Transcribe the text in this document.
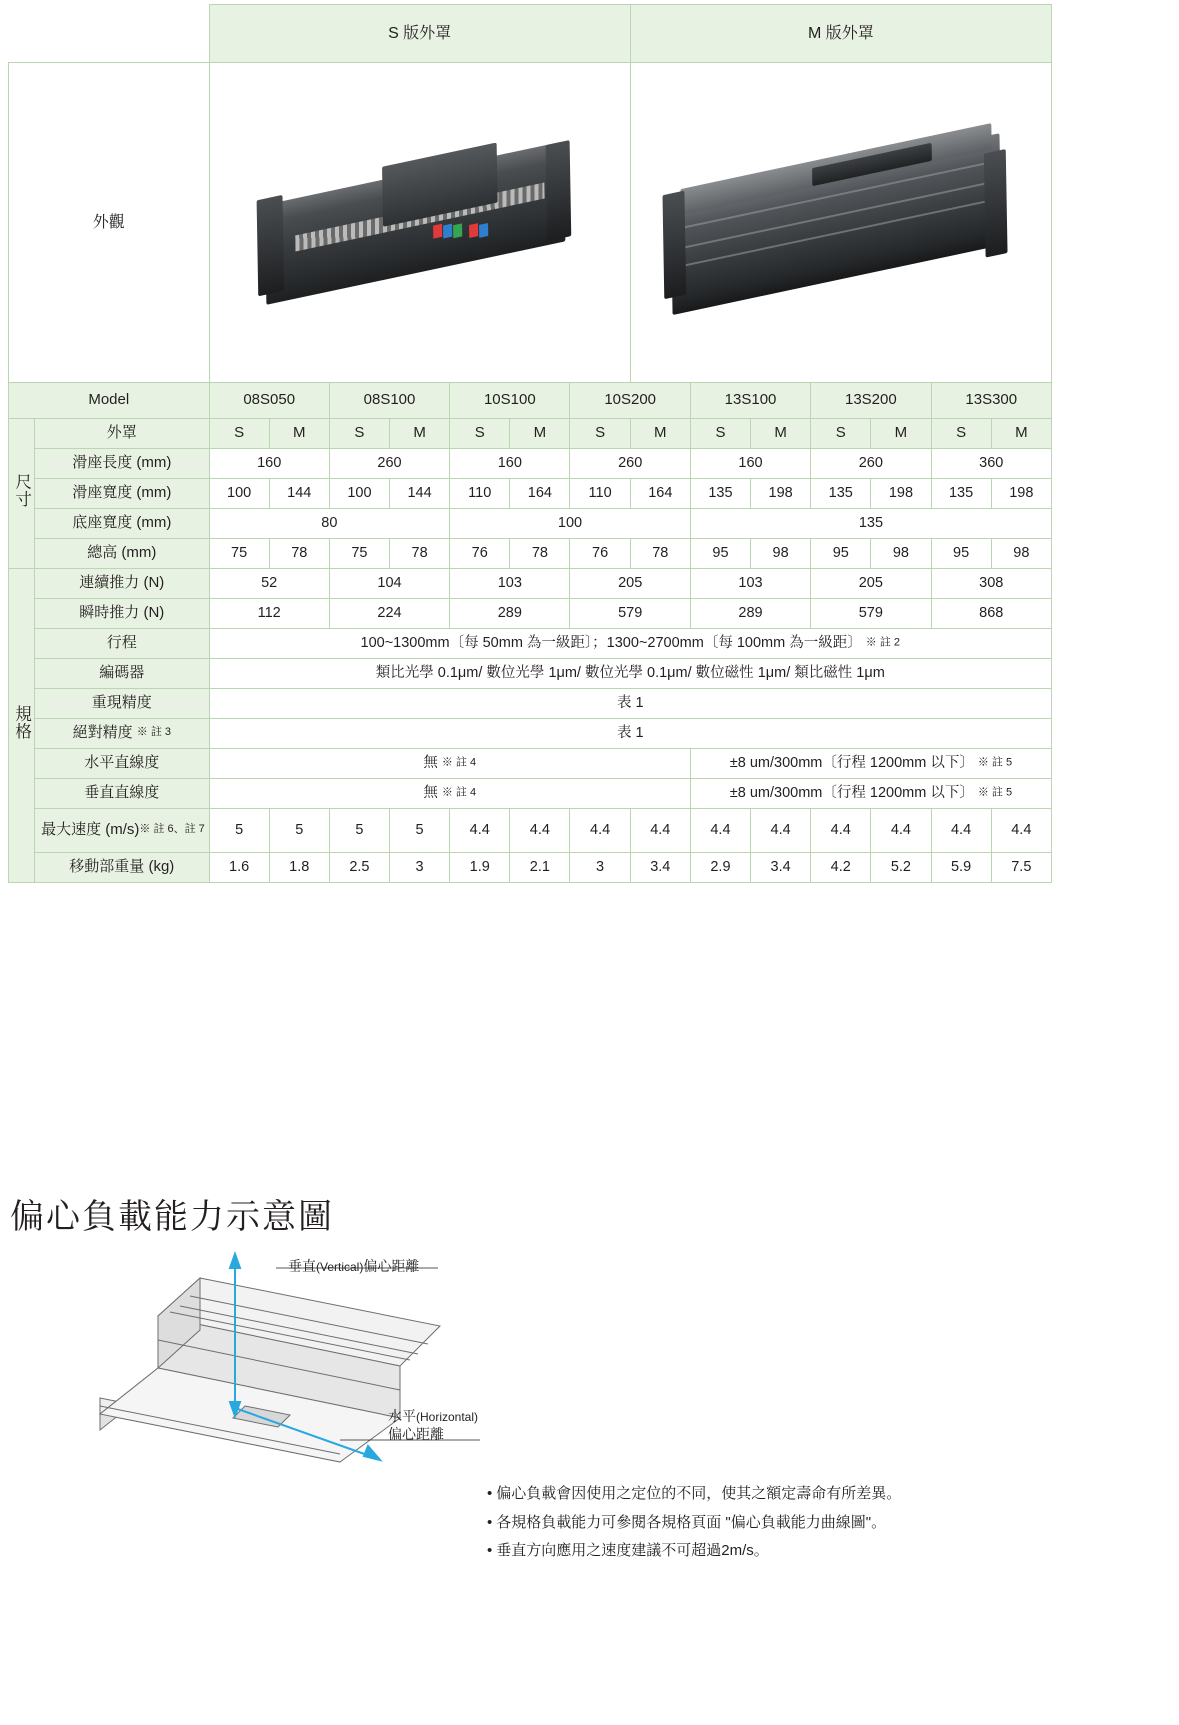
		S 版外罩							M 版外罩						
外觀														

Model		08S050		08S100		10S100		10S200		13S100		13S200		13S300	
尺寸	外罩	S	M	S	M	S	M	S	M	S	M	S	M	S	M
	滑座長度 (mm)	160		260		160		260		160		260		360	
	滑座寬度 (mm)	100	144	100	144	110	164	110	164	135	198	135	198	135	198
	底座寬度 (mm)	80				100				135					
	總高 (mm)	75	78	75	78	76	78	76	78	95	98	95	98	95	98
規格	連續推力 (N)	52		104		103		205		103		205		308	
	瞬時推力 (N)	112		224		289		579		289		579		868	
	行程	100~1300mm〔每 50mm 為一級距〕；1300~2700mm〔每 100mm 為一級距〕 ※ 註 2													
	編碼器	類比光學 0.1μm/ 數位光學 1μm/ 數位光學 0.1μm/ 數位磁性 1μm/ 類比磁性 1μm													
	重現精度	表 1													
	絕對精度 ※ 註 3	表 1													
	水平直線度	無 ※ 註 4								±8 um/300mm〔行程 1200mm 以下〕 ※ 註 5					
	垂直直線度	無 ※ 註 4								±8 um/300mm〔行程 1200mm 以下〕 ※ 註 5					
	最大速度 (m/s)※ 註 6、註 7	5	5	5	5	4.4	4.4	4.4	4.4	4.4	4.4	4.4	4.4	4.4	4.4
	移動部重量 (kg)	1.6	1.8	2.5	3	1.9	2.1	3	3.4	2.9	3.4	4.2	5.2	5.9	7.5
偏心負載能力示意圖
垂直(Vertical)偏心距離
水平(Horizontal)
偏心距離
• 偏心負載會因使用之定位的不同，使其之額定壽命有所差異。
• 各規格負載能力可參閱各規格頁面 "偏心負載能力曲線圖"。
• 垂直方向應用之速度建議不可超過2m/s。
